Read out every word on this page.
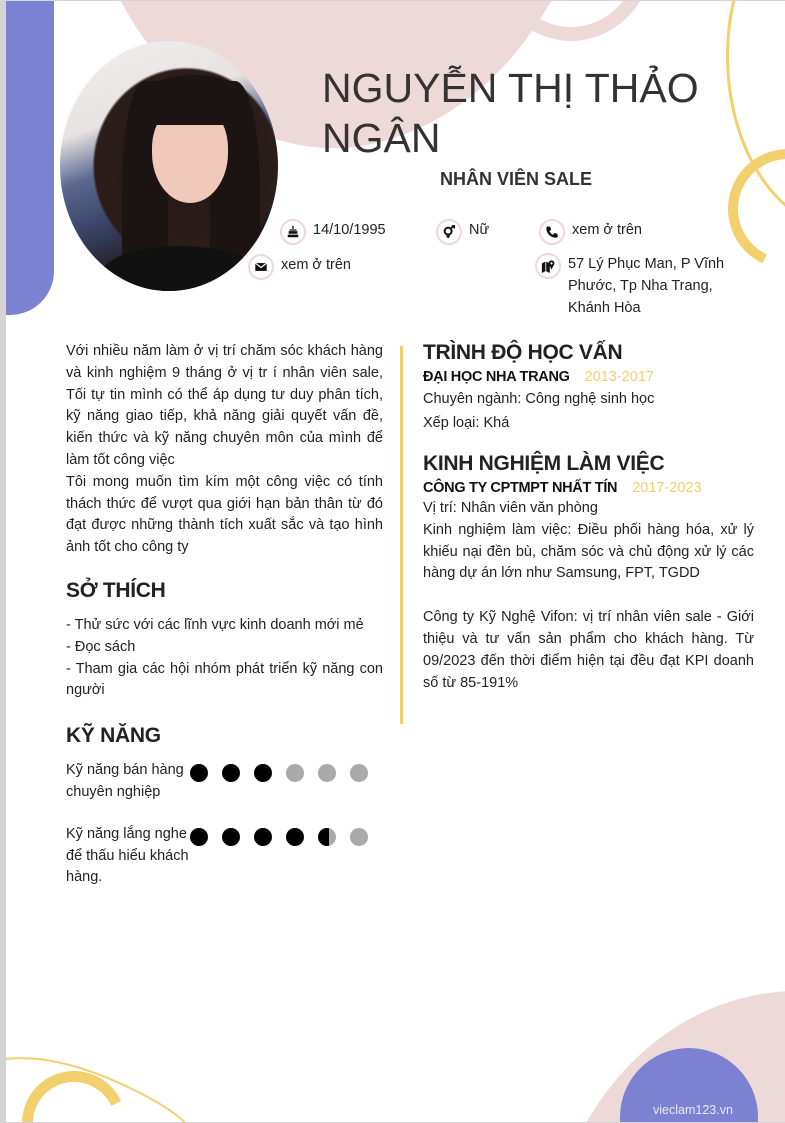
NGUYỄN THỊ THẢO NGÂN
NHÂN VIÊN SALE
14/10/1995	Nữ	xem ở trên
xem ở trên	57 Lý Phục Man, P Vĩnh Phước, Tp Nha Trang, Khánh Hòa

Với nhiều năm làm ở vị trí chăm sóc khách hàng và kinh nghiệm 9 tháng ở vị tr í nhân viên sale, Tối tự tin mình có thể áp dụng tư duy phân tích, kỹ năng giao tiếp, khả năng giải quyết vấn đề, kiến thức và kỹ năng chuyên môn của mình để làm tốt công việc

Tôi mong muốn tìm kím một công việc có tính thách thức để vượt qua giới hạn bản thân từ đó đạt được những thành tích xuất sắc và tạo hình ảnh tốt cho công ty

SỞ THÍCH

- Thử sức với các lĩnh vực kinh doanh mới mẻ

- Đọc sách

- Tham gia các hội nhóm phát triển kỹ năng con người

KỸ NĂNG
Kỹ năng bán hàng chuyên nghiệp
Kỹ năng lắng nghe để thấu hiểu khách hàng.
TRÌNH ĐỘ HỌC VẤN
ĐẠI HỌC NHA TRANG 2013-2017

Chuyên ngành: Công nghệ sinh học

Xếp loại: Khá

KINH NGHIỆM LÀM VIỆC
CÔNG TY CPTMPT NHẤT TÍN 2017-2023

Vị trí: Nhân viên văn phòng

Kinh nghiệm làm việc: Điều phối hàng hóa, xử lý khiếu nại đền bù, chăm sóc và chủ động xử lý các hàng dự án lớn như Samsung, FPT, TGDD

Công ty Kỹ Nghệ Vifon: vị trí nhân viên sale - Giới thiệu và tư vấn sản phẩm cho khách hàng. Từ 09/2023 đến thời điểm hiện tại đều đạt KPI doanh số từ 85-191%

vieclam123.vn
